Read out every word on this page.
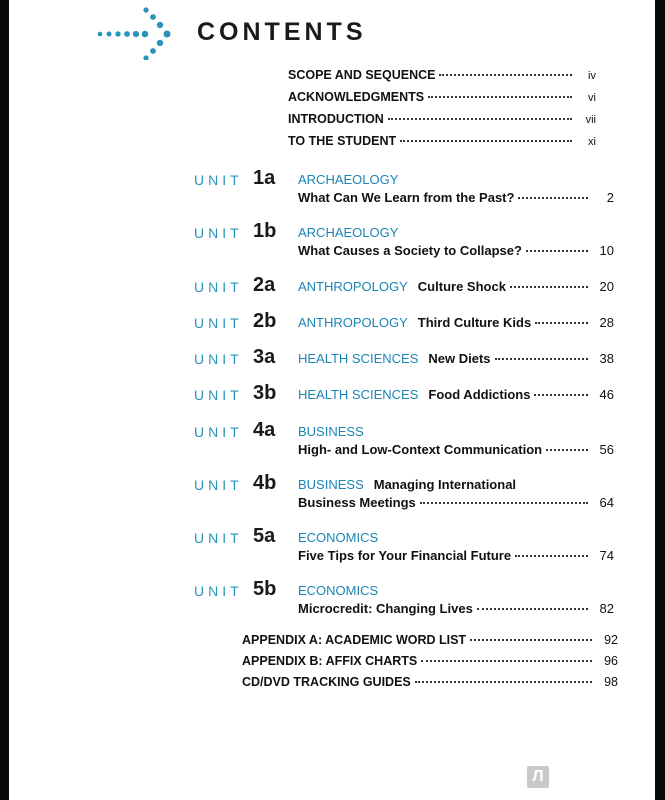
CONTENTS
SCOPE AND SEQUENCE	iv
ACKNOWLEDGMENTS	vi
INTRODUCTION	vii
TO THE STUDENT	xi
UNIT 1a ARCHAEOLOGY
What Can We Learn from the Past?	2
UNIT 1b ARCHAEOLOGY
What Causes a Society to Collapse?	10
UNIT 2a ANTHROPOLOGY Culture Shock	20
UNIT 2b ANTHROPOLOGY Third Culture Kids	28
UNIT 3a HEALTH SCIENCES New Diets	38
UNIT 3b HEALTH SCIENCES Food Addictions	46
UNIT 4a BUSINESS
High- and Low-Context Communication	56
UNIT 4b BUSINESS Managing International
Business Meetings	64
UNIT 5a ECONOMICS
Five Tips for Your Financial Future	74
UNIT 5b ECONOMICS
Microcredit: Changing Lives	82
APPENDIX A: ACADEMIC WORD LIST	92
APPENDIX B: AFFIX CHARTS	96
CD/DVD TRACKING GUIDES	98
Л
